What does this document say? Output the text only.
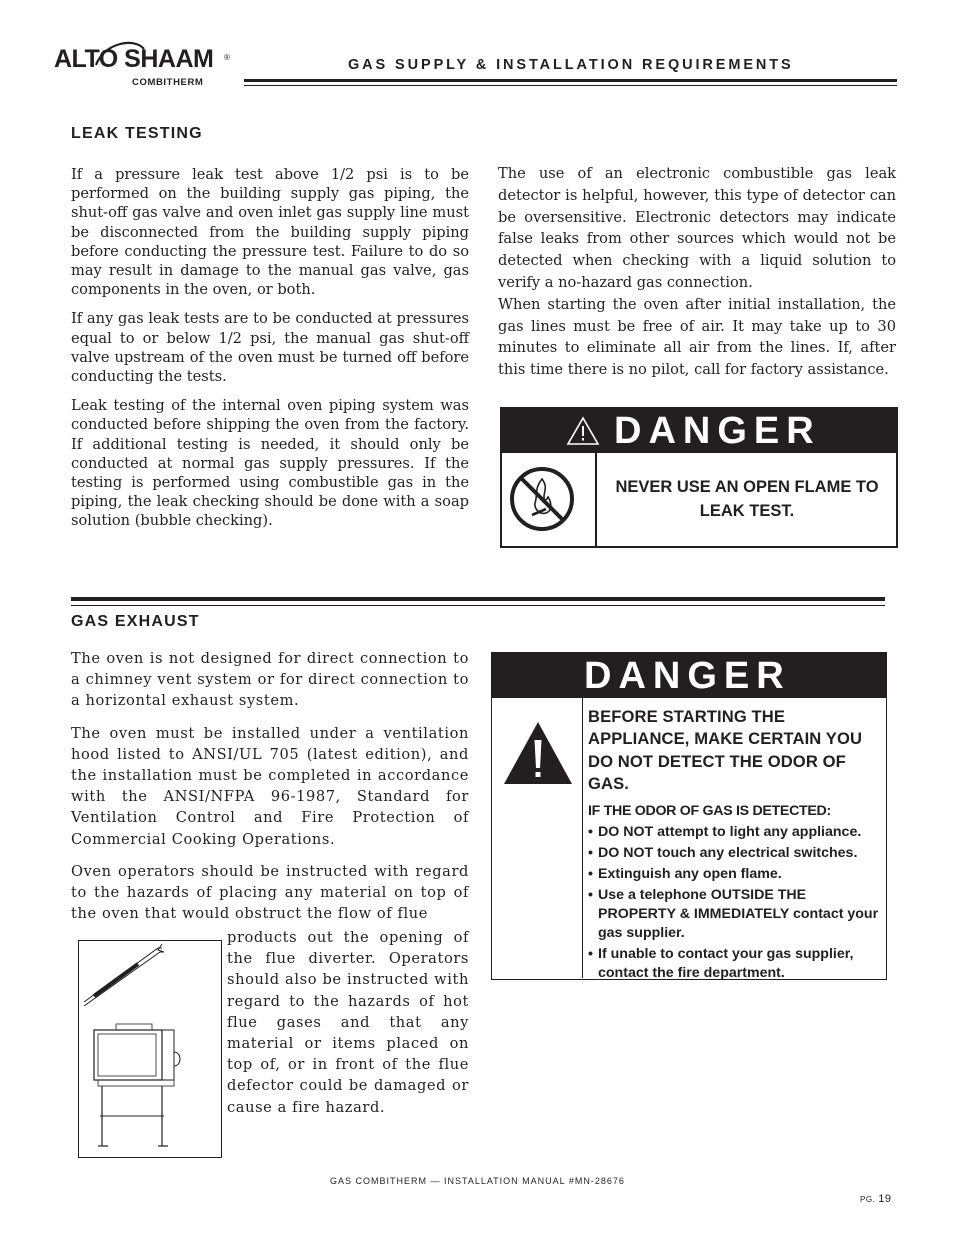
ALTO SHAAM ®
COMBITHERM
GAS SUPPLY & INSTALLATION REQUIREMENTS
LEAK TESTING

If a pressure leak test above 1/2 psi is to be performed on the building supply gas piping, the shut-off gas valve and oven inlet gas supply line must be disconnected from the building supply piping before conducting the pressure test. Failure to do so may result in damage to the manual gas valve, gas components in the oven, or both.

If any gas leak tests are to be conducted at pressures equal to or below 1/2 psi, the manual gas shut-off valve upstream of the oven must be turned off before conducting the tests.

Leak testing of the internal oven piping system was conducted before shipping the oven from the factory. If additional testing is needed, it should only be conducted at normal gas supply pressures. If the testing is performed using combustible gas in the piping, the leak checking should be done with a soap solution (bubble checking).

The use of an electronic combustible gas leak detector is helpful, however, this type of detector can be oversensitive. Electronic detectors may indicate false leaks from other sources which would not be detected when checking with a liquid solution to verify a no-hazard gas connection.

When starting the oven after initial installation, the gas lines must be free of air. It may take up to 30 minutes to eliminate all air from the lines. If, after this time there is no pilot, call for factory assistance.

DANGER
NEVER USE AN OPEN FLAME TO LEAK TEST.
GAS EXHAUST

The oven is not designed for direct connection to a chimney vent system or for direct connection to a horizontal exhaust system.

The oven must be installed under a ventilation hood listed to ANSI/UL 705 (latest edition), and the installation must be completed in accordance with the ANSI/NFPA 96-1987, Standard for Ventilation Control and Fire Protection of Commercial Cooking Operations.

Oven operators should be instructed with regard to the hazards of placing any material on top of the oven that would obstruct the flow of flue

products out the opening of the flue diverter. Operators should also be instructed with regard to the hazards of hot flue gases and that any material or items placed on top of, or in front of the flue defector could be damaged or cause a fire hazard.
DANGER
BEFORE STARTING THE APPLIANCE, MAKE CERTAIN YOU DO NOT DETECT THE ODOR OF GAS.
IF THE ODOR OF GAS IS DETECTED:
• DO NOT attempt to light any appliance.
• DO NOT touch any electrical switches.
• Extinguish any open flame.
• Use a telephone OUTSIDE THE PROPERTY & IMMEDIATELY contact your gas supplier.
• If unable to contact your gas supplier, contact the fire department.
GAS COMBITHERM — INSTALLATION MANUAL #MN-28676
PG. 19
